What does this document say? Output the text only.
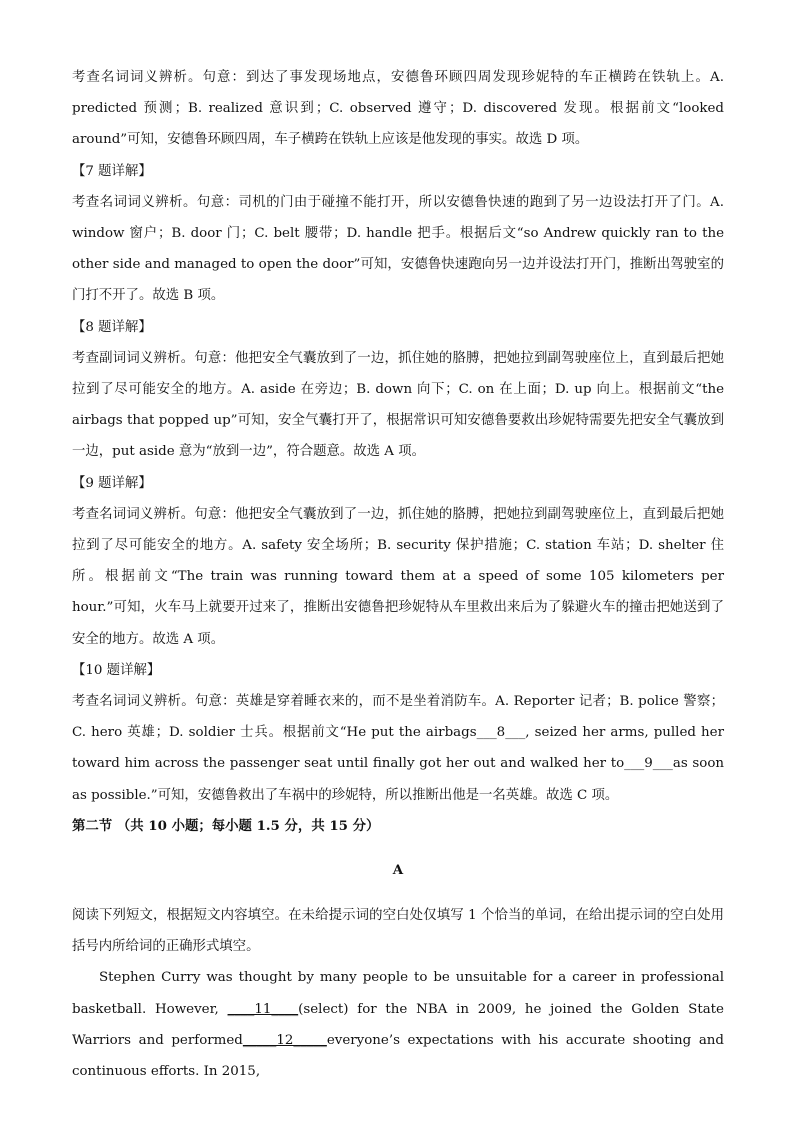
考查名词词义辨析。句意：到达了事发现场地点，安德鲁环顾四周发现珍妮特的车正横跨在铁轨上。A. predicted 预测；B. realized 意识到；C. observed 遵守；D. discovered 发现。根据前文“looked around”可知，安德鲁环顾四周，车子横跨在铁轨上应该是他发现的事实。故选 D 项。

【7 题详解】

考查名词词义辨析。句意：司机的门由于碰撞不能打开，所以安德鲁快速的跑到了另一边设法打开了门。A. window 窗户；B. door 门；C. belt 腰带；D. handle 把手。根据后文“so Andrew quickly ran to the other side and managed to open the door”可知，安德鲁快速跑向另一边并设法打开门，推断出驾驶室的门打不开了。故选 B 项。

【8 题详解】

考查副词词义辨析。句意：他把安全气囊放到了一边，抓住她的胳膊，把她拉到副驾驶座位上，直到最后把她拉到了尽可能安全的地方。A. aside 在旁边；B. down 向下；C. on 在上面；D. up 向上。根据前文“the airbags that popped up”可知，安全气囊打开了，根据常识可知安德鲁要救出珍妮特需要先把安全气囊放到一边，put aside 意为“放到一边”，符合题意。故选 A 项。

【9 题详解】

考查名词词义辨析。句意：他把安全气囊放到了一边，抓住她的胳膊，把她拉到副驾驶座位上，直到最后把她拉到了尽可能安全的地方。A. safety 安全场所；B. security 保护措施；C. station 车站；D. shelter 住所。根据前文“The train was running toward them at a speed of some 105 kilometers per hour.”可知，火车马上就要开过来了，推断出安德鲁把珍妮特从车里救出来后为了躲避火车的撞击把她送到了安全的地方。故选 A 项。

【10 题详解】

考查名词词义辨析。句意：英雄是穿着睡衣来的，而不是坐着消防车。A. Reporter 记者；B. police 警察；C. hero 英雄；D. soldier 士兵。根据前文“He put the airbags___8___, seized her arms, pulled her toward him across the passenger seat until finally got her out and walked her to___9___as soon as possible.”可知，安德鲁救出了车祸中的珍妮特，所以推断出他是一名英雄。故选 C 项。

第二节 （共 10 小题；每小题 1.5 分，共 15 分）

A

阅读下列短文，根据短文内容填空。在未给提示词的空白处仅填写 1 个恰当的单词，在给出提示词的空白处用括号内所给词的正确形式填空。

Stephen Curry was thought by many people to be unsuitable for a career in professional basketball. However, ____11____(select) for the NBA in 2009, he joined the Golden State Warriors and performed_____12_____everyone’s expectations with his accurate shooting and continuous efforts. In 2015,
